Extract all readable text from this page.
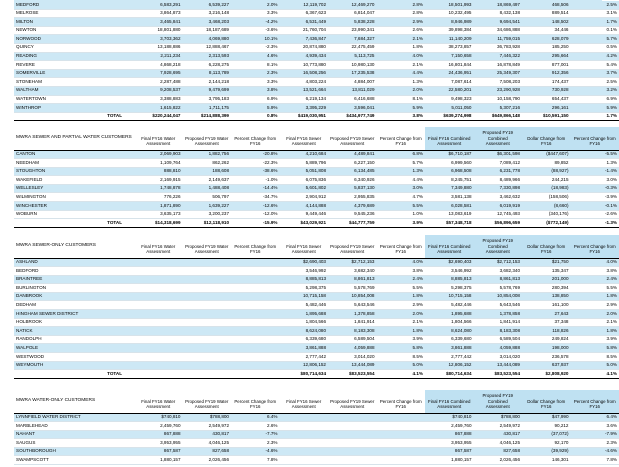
MEDFORD	6,583,291	6,539,227	2.0%	12,119,702	12,469,270	2.8%	18,501,993	18,869,497	468,506	2.5%
MELROSE	3,864,873	3,216,148	3.3%	6,367,623	6,814,047	2.8%	10,232,495	8,432,138	889,514	3.1%
MILTON	3,465,841	3,468,203	-4.2%	6,531,449	5,838,228	2.9%	8,946,989	9,694,541	148,502	1.7%
NEWTON	18,801,880	18,187,689	-3.6%	21,760,704	23,990,341	2.6%	39,898,384	34,686,888	34,446	0.1%
NORWOOD	3,703,362	4,069,880	10.1%	7,436,847	7,684,327	2.1%	11,140,209	11,759,015	628,079	5.7%
QUINCY	13,188,886	12,888,467	-2.3%	20,874,880	22,475,459	1.8%	38,273,857	36,783,928	185,250	0.5%
READING	2,211,234	2,313,593	4.6%	4,939,434	5,113,725	4.0%	7,150,658	7,446,322	295,664	4.2%
REVERE	4,868,218	6,228,275	8.1%	10,773,880	10,980,130	2.1%	16,801,844	16,878,849	877,001	5.4%
SOMERVILLE	7,928,695	8,113,789	2.3%	16,508,256	17,235,538	4.4%	24,436,951	25,349,307	912,356	3.7%
STONEHAM	2,287,488	2,144,218	3.3%	4,803,224	4,884,007	1.3%	7,087,614	7,508,203	174,437	2.5%
WALTHAM	9,208,537	9,479,699	3.8%	13,521,664	13,811,029	2.0%	22,580,201	23,290,928	730,928	3.2%
WATERTOWN	3,388,883	3,795,183	6.9%	6,219,134	6,416,688	8.1%	9,498,323	10,158,790	654,437	6.9%
WINTHROP	1,615,822	1,711,175	5.9%	3,395,229	3,596,041	5.9%	5,011,050	5,307,216	296,161	5.9%
TOTAL	$220,244,047	$214,888,399	0.8%	$419,030,951	$434,977,749	3.8%	$639,274,998	$649,866,148	$10,591,150	1.7%
MWRA SEWER AND PARTIAL WATER CUSTOMERS	Final FY16 Water Assessment	Proposed FY19 Water Assessment	Percent Change from FY16	Final FY16 Sewer Assessment	Proposed FY19 Sewer Assessment	Percent Change from FY16	Final FY16 Combined Assessment	Proposed FY19 Combined Assessment	Dollar Change from FY16	Percent Change from FY16
CANTON	2,069,903	1,882,756	-20.8%	4,210,684	4,489,841	6.8%	$6,710,187	$6,301,598	($447,607)	-5.5%
NEEDHAM	1,109,764	862,262	-22.3%	5,889,796	6,227,150	5.7%	6,999,560	7,089,412	89,852	1.3%
STOUGHTON	888,810	188,608	-38.6%	5,051,808	6,134,485	1.3%	6,968,508	6,231,778	(88,927)	-1.4%
WAKEFIELD	2,169,915	2,149,637	-1.0%	6,075,836	6,340,926	4.4%	8,245,751	8,489,966	244,215	3.0%
WELLESLEY	1,748,878	1,488,408	-14.4%	5,601,802	5,837,130	3.0%	7,349,880	7,330,898	(18,983)	-0.3%
WILMINGTON	776,226	506,797	-34.7%	2,904,912	2,955,835	4.7%	3,581,138	3,462,632	(158,506)	-3.9%
WINCHESTER	1,871,890	1,639,227	-12.6%	4,144,888	4,379,689	5.5%	6,028,581	6,019,919	(8,660)	-0.1%
WOBURN	3,635,173	3,200,237	-12.0%	9,449,446	9,545,236	1.0%	13,083,619	12,745,493	(340,176)	-2.6%
TOTAL	$14,318,699	$12,118,910	-15.9%	$43,029,921	$44,777,759	3.9%	$57,348,718	$56,896,659	($772,149)	-1.3%
MWRA SEWER-ONLY CUSTOMERS	Final FY16 Water Assessment	Proposed FY19 Water Assessment	Percent Change from FY16	Final FY16 Sewer Assessment	Proposed FY19 Sewer Assessment	Percent Change from FY16	Final FY16 Combined Assessment	Proposed FY19 Combined Assessment	Dollar Change from FY16	Percent Change from FY16
ASHLAND				$2,690,403	$2,712,153	4.0%	$2,690,403	$2,712,153	$21,750	4.0%
BEDFORD				3,546,992	3,682,340	3.8%	3,546,992	3,682,340	135,347	3.8%
BRAINTREE				8,885,813	8,861,813	2.4%	8,885,813	8,861,813	201,000	2.4%
BURLINGTON				5,298,375	5,578,769	5.5%	5,298,375	5,578,769	280,394	5.5%
DANBROOK				10,715,158	10,854,008	1.8%	10,715,158	10,854,008	138,850	1.8%
DEDHAM				5,482,446	5,643,546	2.9%	5,482,446	5,643,546	161,100	2.9%
HINGHAM SEWER DISTRICT				1,895,688	1,378,858	2.0%	1,895,688	1,378,858	27,643	2.0%
HOLBROOK				1,804,566	1,841,914	2.1%	1,804,566	1,841,914	37,348	2.1%
NATICK				8,624,080	8,183,308	1.8%	8,624,080	8,183,308	118,826	1.8%
RANDOLPH				6,339,680	6,589,504	3.9%	6,339,680	6,589,504	249,824	3.9%
WALPOLE				3,861,888	4,059,888	5.8%	3,861,888	4,059,888	198,000	5.8%
WESTWOOD				2,777,442	3,014,020	8.5%	2,777,442	3,014,020	236,578	8.5%
WEYMOUTH				12,806,152	13,444,089	5.0%	12,806,152	13,444,089	637,937	5.0%
TOTAL				$80,714,634	$83,523,554	4.1%	$80,714,634	$83,523,554	$2,808,920	4.1%
MWRA WATER-ONLY CUSTOMERS	Final FY16 Water Assessment	Proposed FY19 Water Assessment	Percent Change from FY16	Final FY16 Sewer Assessment	Proposed FY19 Sewer Assessment	Percent Change from FY16	Final FY16 Combined Assessment	Proposed FY19 Combined Assessment	Dollar Change from FY16	Percent Change from FY16
LYNNFIELD WATER DISTRICT	$740,810	$788,800	6.4%				$740,810	$788,800	$47,990	6.4%
MARBLEHEAD	2,459,760	2,549,972	2.6%				2,459,760	2,549,972	90,212	3.6%
NAHANT	867,888	430,817	-7.7%				867,888	430,817	(37,072)	-7.9%
SAUGUS	3,953,955	4,046,125	2.3%				3,953,955	4,046,125	92,170	2.3%
SOUTHBOROUGH	867,587	827,658	-4.6%				867,587	827,658	(39,929)	-4.6%
SWAMPSCOTT	1,880,157	2,026,456	7.8%				1,880,157	2,026,456	146,301	7.8%
